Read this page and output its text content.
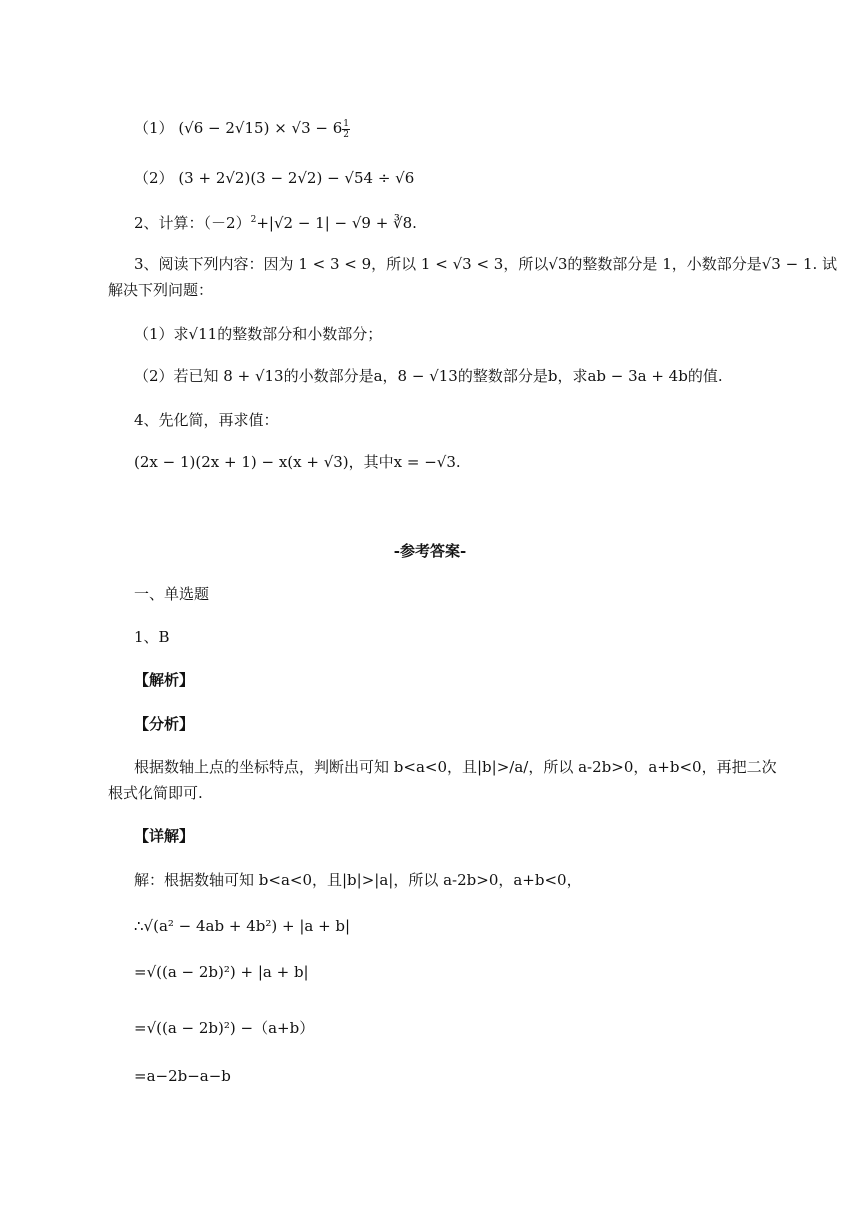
（1） $(√6 - 2√15) \times √3 - 6 \frac{1}{2}$
（2） (3 + 2√2)(3 − 2√2) − √54 ÷ √6
2、计算：$(-2)^2+|√2 - 1| - √9$ + ∛8.
3、阅读下列内容：因为 1 < 3 < 9，所以 1 < √3 < 3，所以√3的整数部分是 1，小数部分是√3 − 1. 试
解决下列问题：
（1）求√11的整数部分和小数部分；
（2）若已知 8 + √13的小数部分是a，8 − √13的整数部分是b，求ab − 3a + 4b的值.
4、先化简，再求值：
(2x − 1)(2x + 1) − x(x + √3)，其中x = −√3.
-参考答案-
一、单选题
1、B
【解析】
【分析】
根据数轴上点的坐标特点，判断出可知 b<a<0，且|b|>/a/，所以 a-2b>0，a+b<0，再把二次
根式化简即可.
【详解】
解：根据数轴可知 b<a<0，且|b|>|a|，所以 a-2b>0，a+b<0，
∴√(a² − 4ab + 4b²) + |a + b|
=√((a − 2b)²) + |a + b|
=√((a − 2b)²) −（a+b）
=a−2b−a−b
